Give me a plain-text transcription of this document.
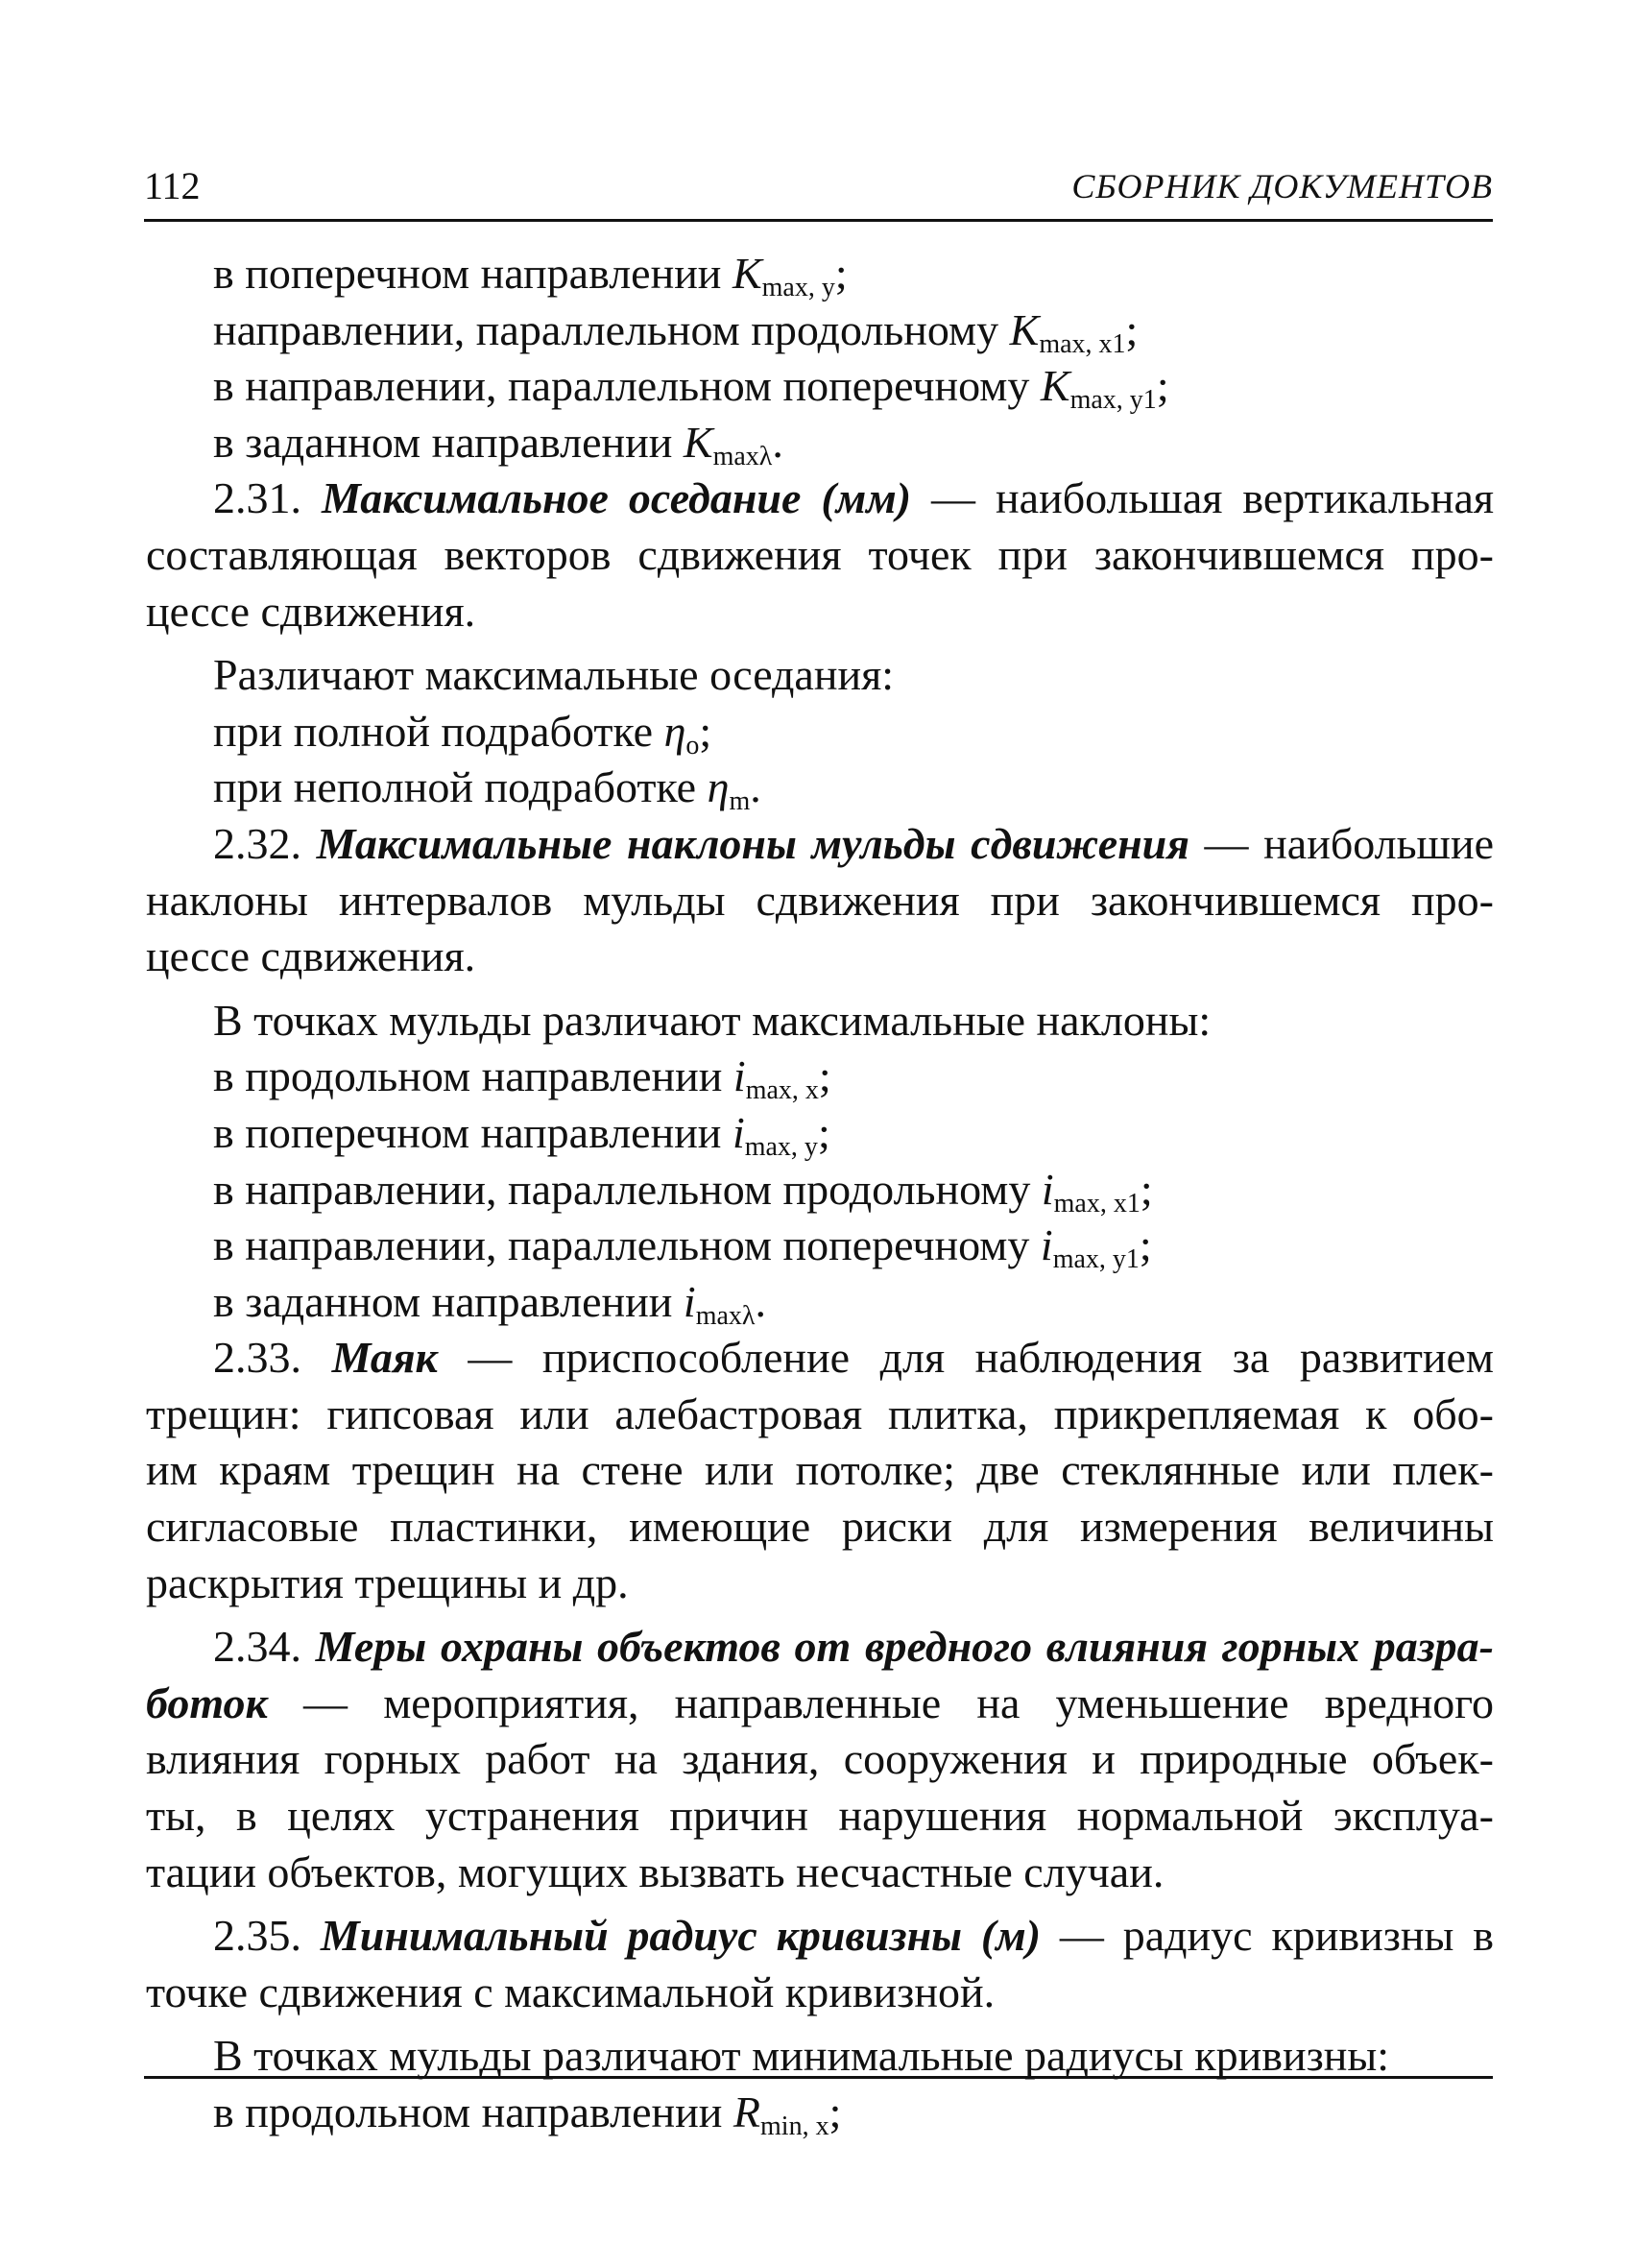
112	СБОРНИК ДОКУМЕНТОВ
в поперечном направлении $K_{max, y}$;
направлении, параллельном продольному $K_{max, x1}$;
в направлении, параллельном поперечному $K_{max, y1}$;
в заданном направлении $K_{max\lambda}$.
2.31. Максимальное оседание (мм) — наибольшая вертикальная
составляющая векторов сдвижения точек при закончившемся про-
цессе сдвижения.
Различают максимальные оседания:
при полной подработке $\eta_o$;
при неполной подработке $\eta_m$.
2.32. Максимальные наклоны мульды сдвижения — наибольшие
наклоны интервалов мульды сдвижения при закончившемся про-
цессе сдвижения.
В точках мульды различают максимальные наклоны:
в продольном направлении $i_{max, x}$;
в поперечном направлении $i_{max, y}$;
в направлении, параллельном продольному $i_{max, x1}$;
в направлении, параллельном поперечному $i_{max, y1}$;
в заданном направлении $i_{max\lambda}$.
2.33. Маяк — приспособление для наблюдения за развитием
трещин: гипсовая или алебастровая плитка, прикрепляемая к обо-
им краям трещин на стене или потолке; две стеклянные или плек-
сигласовые пластинки, имеющие риски для измерения величины
раскрытия трещины и др.
2.34. Меры охраны объектов от вредного влияния горных разра-
боток — мероприятия, направленные на уменьшение вредного
влияния горных работ на здания, сооружения и природные объек-
ты, в целях устранения причин нарушения нормальной эксплуа-
тации объектов, могущих вызвать несчастные случаи.
2.35. Минимальный радиус кривизны (м) — радиус кривизны в
точке сдвижения с максимальной кривизной.
В точках мульды различают минимальные радиусы кривизны:
в продольном направлении $R_{min, x}$;
